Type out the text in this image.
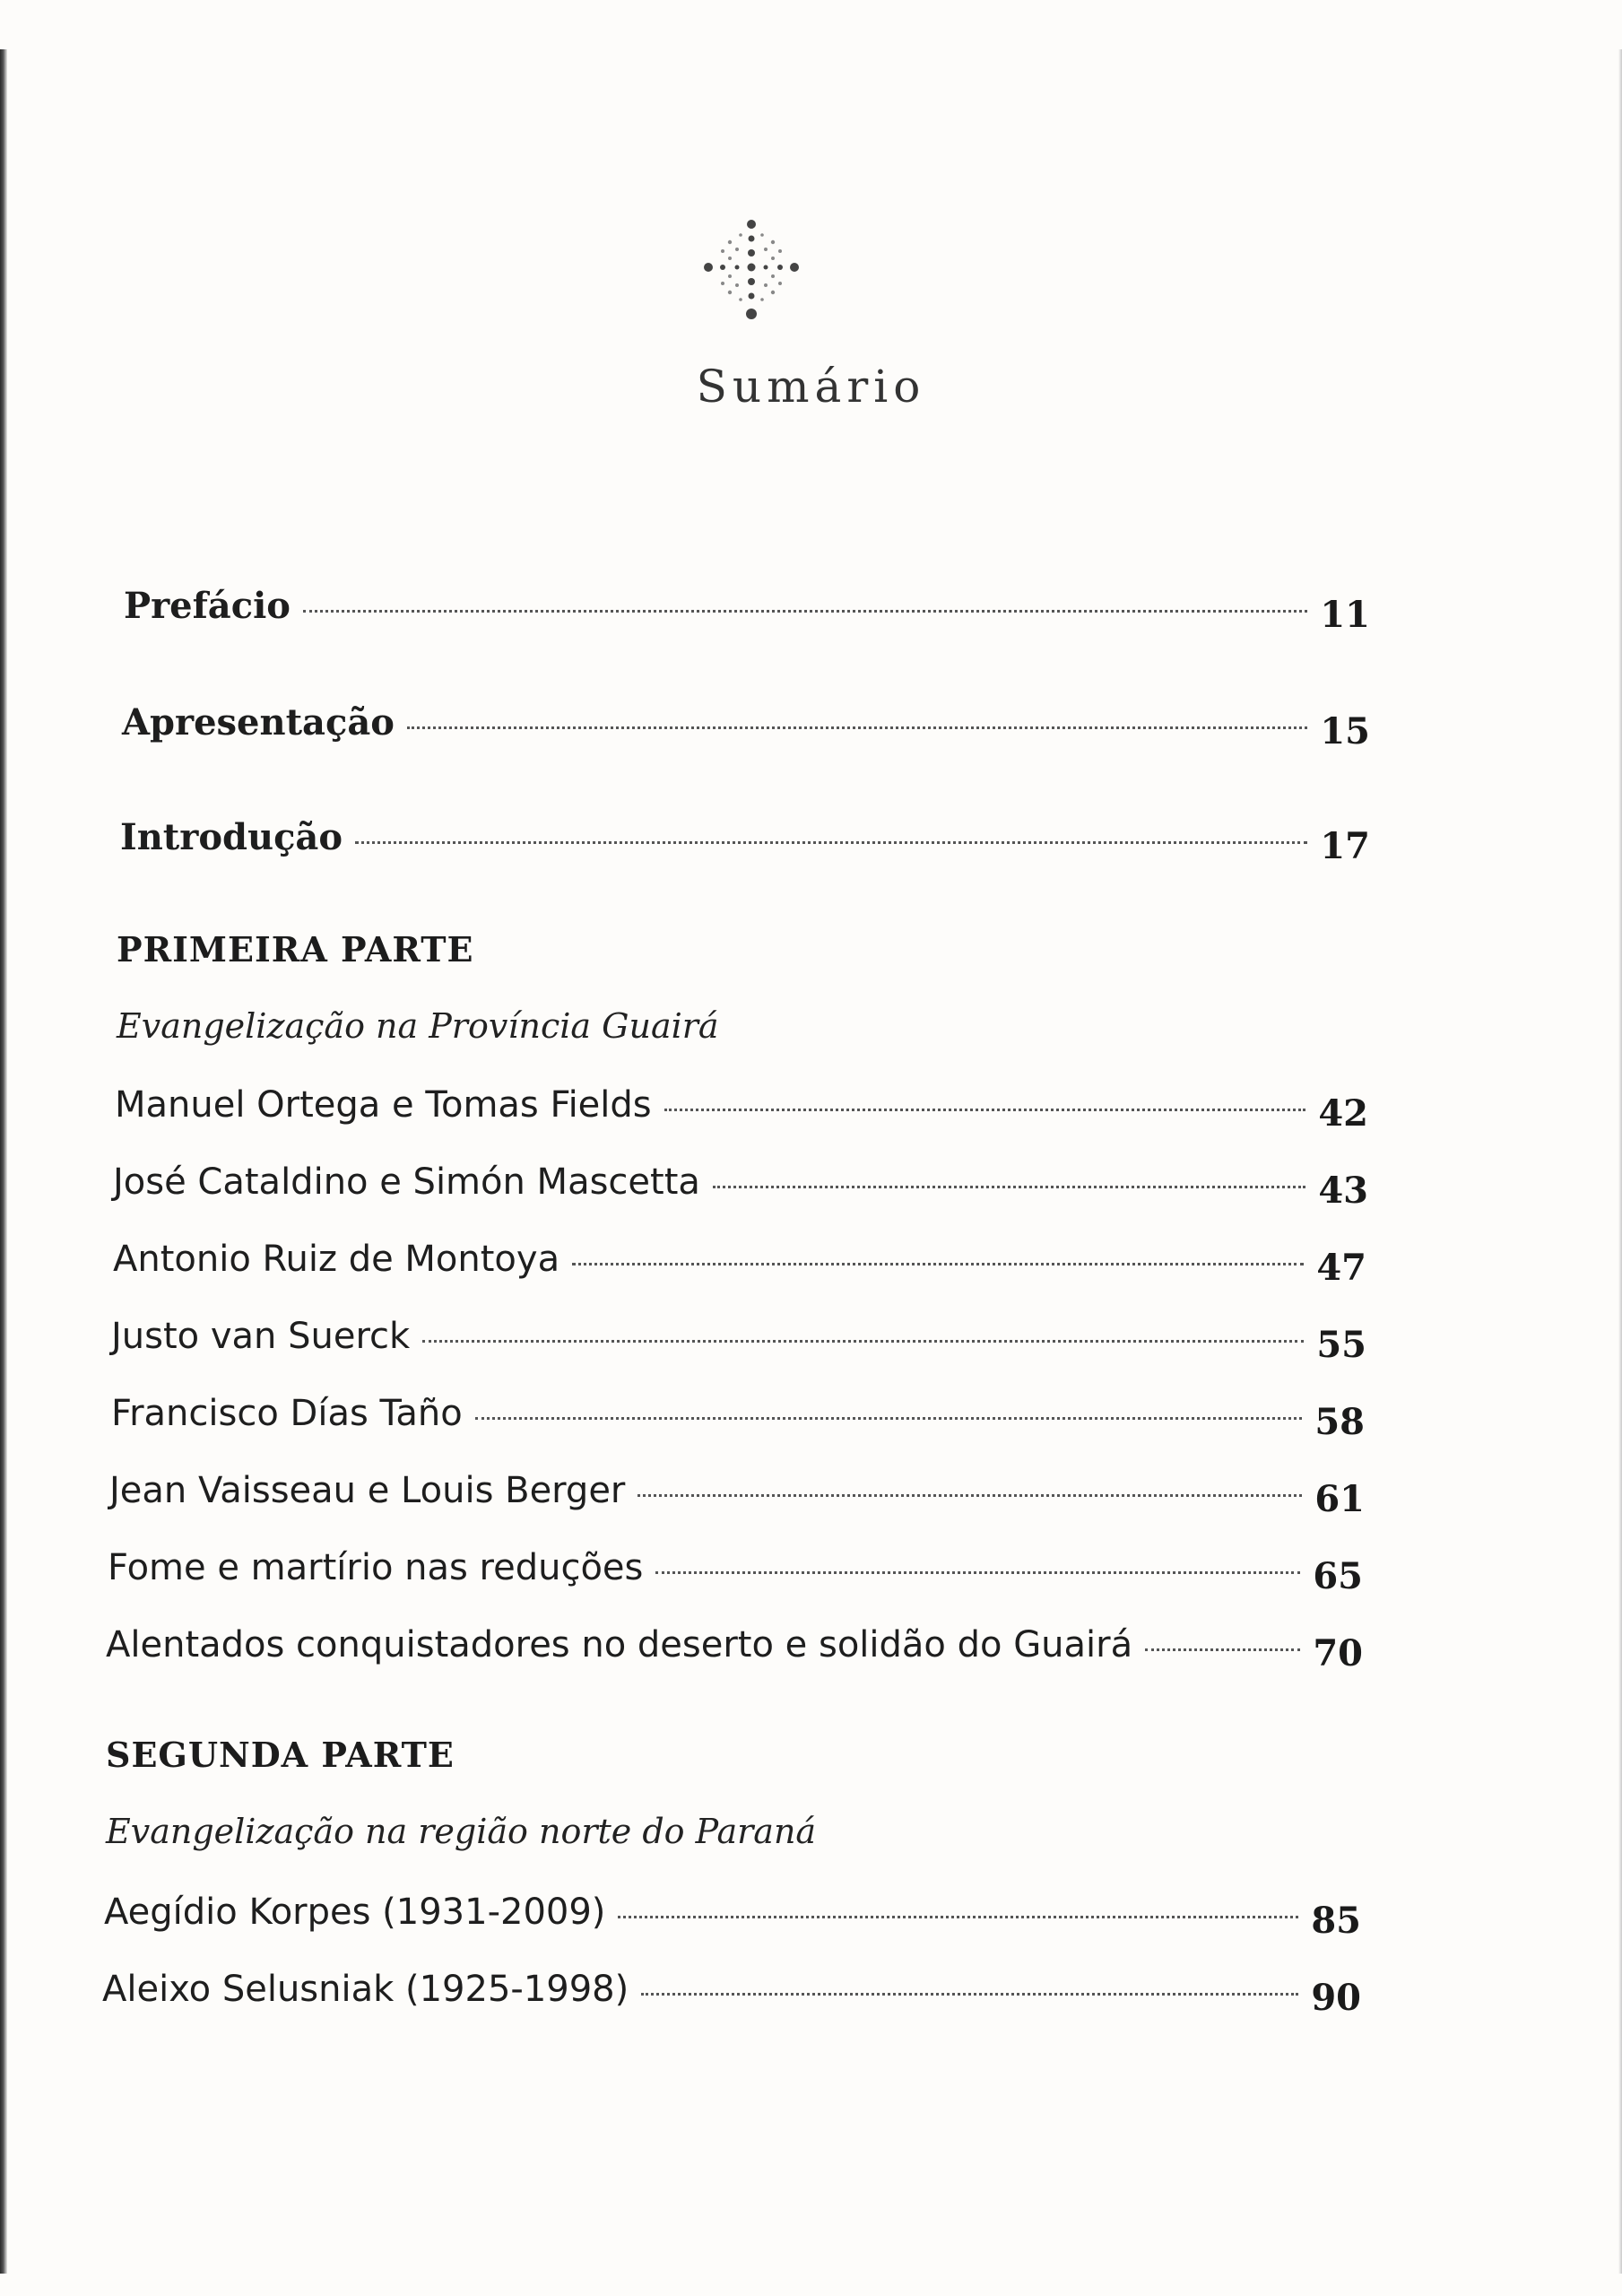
Sumário
Prefácio	11
Apresentação	15
Introdução	17
PRIMEIRA PARTE
Evangelização na Província Guairá
Manuel Ortega e Tomas Fields	42
José Cataldino e Simón Mascetta	43
Antonio Ruiz de Montoya	47
Justo van Suerck	55
Francisco Días Taño	58
Jean Vaisseau e Louis Berger	61
Fome e martírio nas reduções	65
Alentados conquistadores no deserto e solidão do Guairá	70
SEGUNDA PARTE
Evangelização na região norte do Paraná
Aegídio Korpes (1931-2009)	85
Aleixo Selusniak (1925-1998)	90
